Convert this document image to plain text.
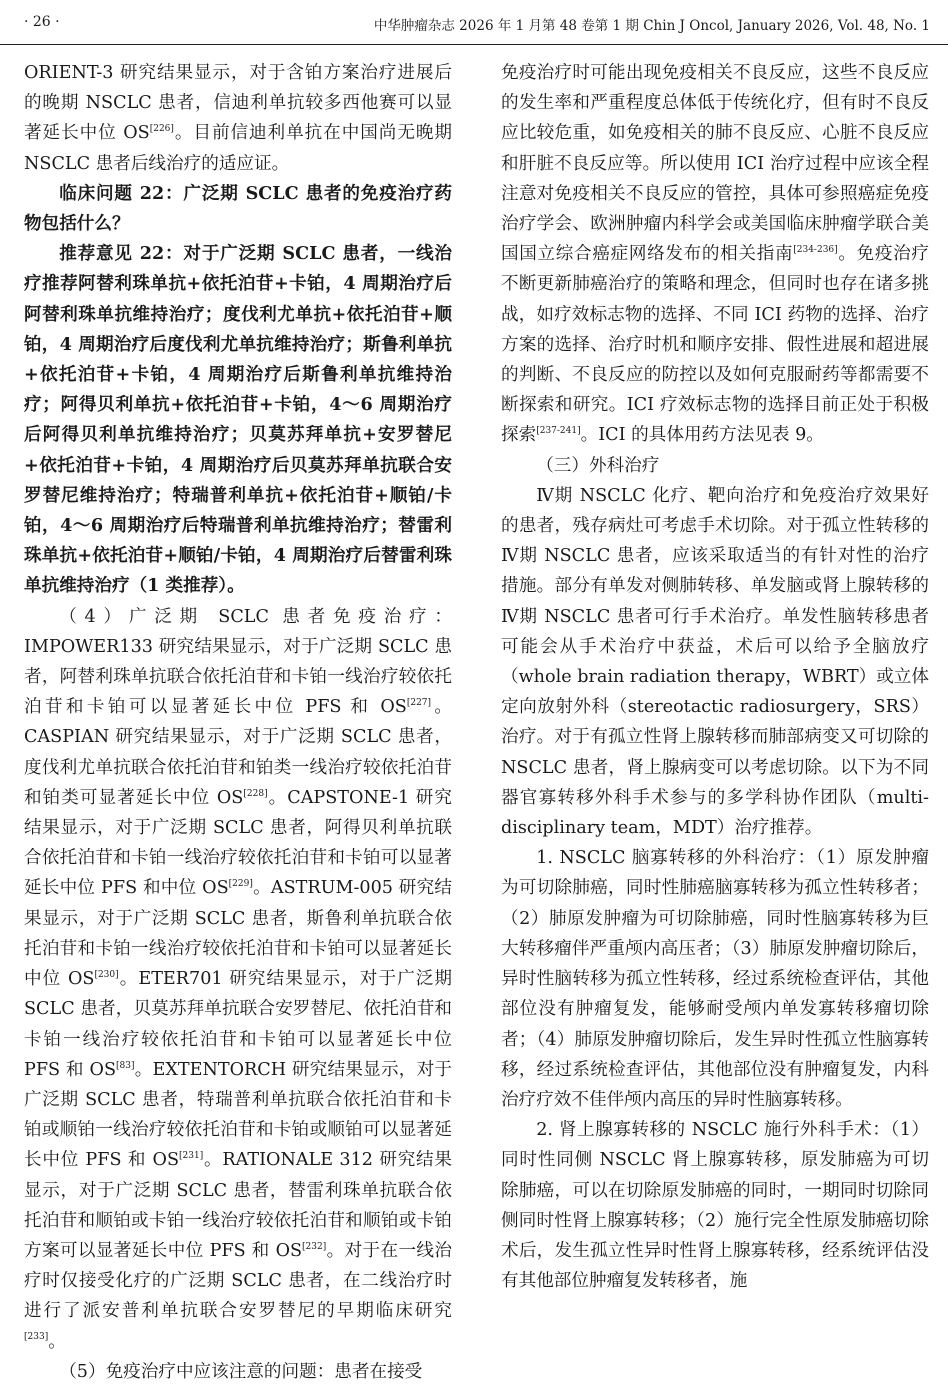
· 26 ·	中华肿瘤杂志 2026 年 1 月第 48 卷第 1 期 Chin J Oncol, January 2026, Vol. 48, No. 1

ORIENT-3 研究结果显示，对于含铂方案治疗进展后的晚期 NSCLC 患者，信迪利单抗较多西他赛可以显著延长中位 OS[226]。目前信迪利单抗在中国尚无晚期 NSCLC 患者后线治疗的适应证。

临床问题 22：广泛期 SCLC 患者的免疫治疗药物包括什么？

推荐意见 22：对于广泛期 SCLC 患者，一线治疗推荐阿替利珠单抗+依托泊苷+卡铂，4 周期治疗后阿替利珠单抗维持治疗；度伐利尤单抗+依托泊苷+顺铂，4 周期治疗后度伐利尤单抗维持治疗；斯鲁利单抗+依托泊苷+卡铂，4 周期治疗后斯鲁利单抗维持治疗；阿得贝利单抗+依托泊苷+卡铂，4～6 周期治疗后阿得贝利单抗维持治疗；贝莫苏拜单抗+安罗替尼+依托泊苷+卡铂，4 周期治疗后贝莫苏拜单抗联合安罗替尼维持治疗；特瑞普利单抗+依托泊苷+顺铂/卡铂，4～6 周期治疗后特瑞普利单抗维持治疗；替雷利珠单抗+依托泊苷+顺铂/卡铂，4 周期治疗后替雷利珠单抗维持治疗（1 类推荐）。

（4）广泛期 SCLC 患者免疫治疗：IMPOWER133 研究结果显示，对于广泛期 SCLC 患者，阿替利珠单抗联合依托泊苷和卡铂一线治疗较依托泊苷和卡铂可以显著延长中位 PFS 和 OS[227]。CASPIAN 研究结果显示，对于广泛期 SCLC 患者，度伐利尤单抗联合依托泊苷和铂类一线治疗较依托泊苷和铂类可显著延长中位 OS[228]。CAPSTONE-1 研究结果显示，对于广泛期 SCLC 患者，阿得贝利单抗联合依托泊苷和卡铂一线治疗较依托泊苷和卡铂可以显著延长中位 PFS 和中位 OS[229]。ASTRUM-005 研究结果显示，对于广泛期 SCLC 患者，斯鲁利单抗联合依托泊苷和卡铂一线治疗较依托泊苷和卡铂可以显著延长中位 OS[230]。ETER701 研究结果显示，对于广泛期 SCLC 患者，贝莫苏拜单抗联合安罗替尼、依托泊苷和卡铂一线治疗较依托泊苷和卡铂可以显著延长中位 PFS 和 OS[83]。EXTENTORCH 研究结果显示，对于广泛期 SCLC 患者，特瑞普利单抗联合依托泊苷和卡铂或顺铂一线治疗较依托泊苷和卡铂或顺铂可以显著延长中位 PFS 和 OS[231]。RATIONALE 312 研究结果显示，对于广泛期 SCLC 患者，替雷利珠单抗联合依托泊苷和顺铂或卡铂一线治疗较依托泊苷和顺铂或卡铂方案可以显著延长中位 PFS 和 OS[232]。对于在一线治疗时仅接受化疗的广泛期 SCLC 患者，在二线治疗时进行了派安普利单抗联合安罗替尼的早期临床研究[233]。

（5）免疫治疗中应该注意的问题：患者在接受

免疫治疗时可能出现免疫相关不良反应，这些不良反应的发生率和严重程度总体低于传统化疗，但有时不良反应比较危重，如免疫相关的肺不良反应、心脏不良反应和肝脏不良反应等。所以使用 ICI 治疗过程中应该全程注意对免疫相关不良反应的管控，具体可参照癌症免疫治疗学会、欧洲肿瘤内科学会或美国临床肿瘤学联合美国国立综合癌症网络发布的相关指南[234-236]。免疫治疗不断更新肺癌治疗的策略和理念，但同时也存在诸多挑战，如疗效标志物的选择、不同 ICI 药物的选择、治疗方案的选择、治疗时机和顺序安排、假性进展和超进展的判断、不良反应的防控以及如何克服耐药等都需要不断探索和研究。ICI 疗效标志物的选择目前正处于积极探索[237-241]。ICI 的具体用药方法见表 9。

（三）外科治疗

Ⅳ期 NSCLC 化疗、靶向治疗和免疫治疗效果好的患者，残存病灶可考虑手术切除。对于孤立性转移的Ⅳ期 NSCLC 患者，应该采取适当的有针对性的治疗措施。部分有单发对侧肺转移、单发脑或肾上腺转移的Ⅳ期 NSCLC 患者可行手术治疗。单发性脑转移患者可能会从手术治疗中获益，术后可以给予全脑放疗（whole brain radiation therapy，WBRT）或立体定向放射外科（stereotactic radiosurgery，SRS）治疗。对于有孤立性肾上腺转移而肺部病变又可切除的 NSCLC 患者，肾上腺病变可以考虑切除。以下为不同器官寡转移外科手术参与的多学科协作团队（multi-disciplinary team，MDT）治疗推荐。

1. NSCLC 脑寡转移的外科治疗：（1）原发肿瘤为可切除肺癌，同时性肺癌脑寡转移为孤立性转移者；（2）肺原发肿瘤为可切除肺癌，同时性脑寡转移为巨大转移瘤伴严重颅内高压者；（3）肺原发肿瘤切除后，异时性脑转移为孤立性转移，经过系统检查评估，其他部位没有肿瘤复发，能够耐受颅内单发寡转移瘤切除者；（4）肺原发肿瘤切除后，发生异时性孤立性脑寡转移，经过系统检查评估，其他部位没有肿瘤复发，内科治疗疗效不佳伴颅内高压的异时性脑寡转移。

2. 肾上腺寡转移的 NSCLC 施行外科手术：（1）同时性同侧 NSCLC 肾上腺寡转移，原发肺癌为可切除肺癌，可以在切除原发肺癌的同时，一期同时切除同侧同时性肾上腺寡转移；（2）施行完全性原发肺癌切除术后，发生孤立性异时性肾上腺寡转移，经系统评估没有其他部位肿瘤复发转移者，施
